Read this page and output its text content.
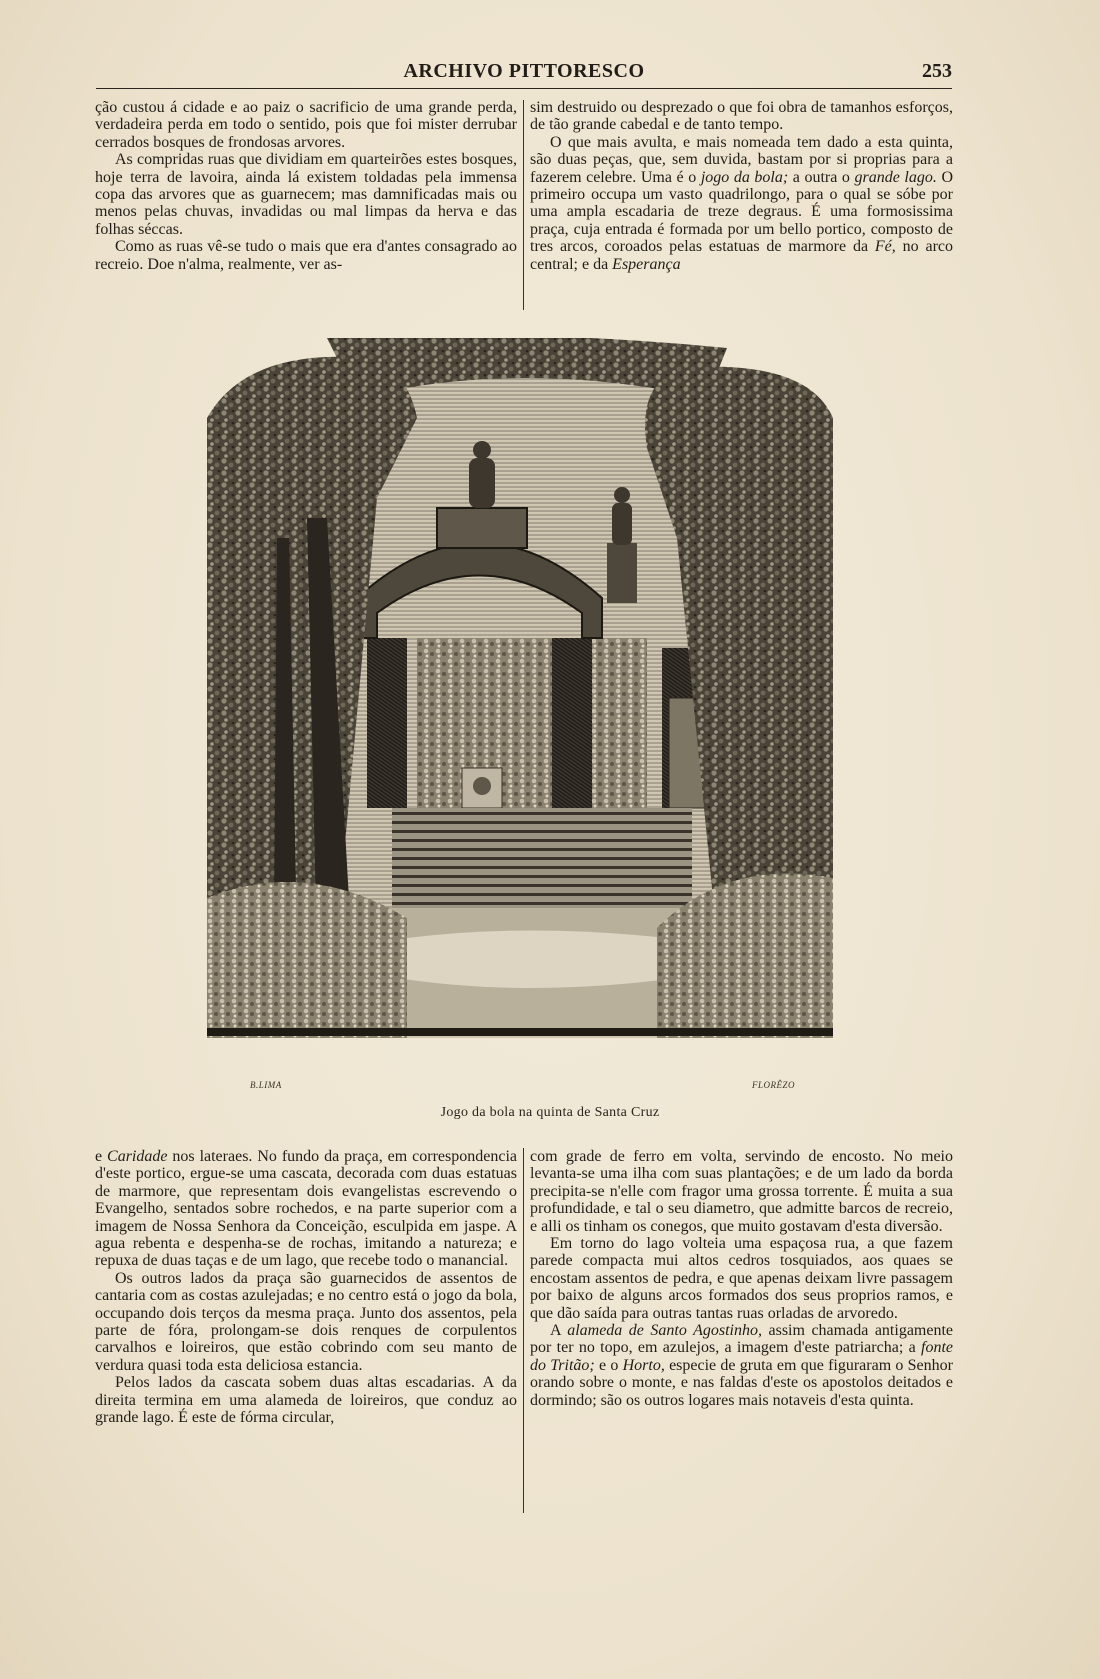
ARCHIVO PITTORESCO	253

ção custou á cidade e ao paiz o sacrificio de uma grande perda, verdadeira perda em todo o sentido, pois que foi mister derrubar cerrados bosques de frondosas arvores.

As compridas ruas que dividiam em quarteirões estes bosques, hoje terra de lavoira, ainda lá existem toldadas pela immensa copa das arvores que as guarnecem; mas damnificadas mais ou menos pelas chuvas, invadidas ou mal limpas da herva e das folhas séccas.

Como as ruas vê-se tudo o mais que era d'antes consagrado ao recreio. Doe n'alma, realmente, ver as-

sim destruido ou desprezado o que foi obra de tamanhos esforços, de tão grande cabedal e de tanto tempo.

O que mais avulta, e mais nomeada tem dado a esta quinta, são duas peças, que, sem duvida, bastam por si proprias para a fazerem celebre. Uma é o jogo da bola; a outra o grande lago. O primeiro occupa um vasto quadrilongo, para o qual se sóbe por uma ampla escadaria de treze degraus. É uma formosissima praça, cuja entrada é formada por um bello portico, composto de tres arcos, coroados pelas estatuas de marmore da Fé, no arco central; e da Esperança

B.LIMA	FLORÊZO
Jogo da bola na quinta de Santa Cruz

e Caridade nos lateraes. No fundo da praça, em correspondencia d'este portico, ergue-se uma cascata, decorada com duas estatuas de marmore, que representam dois evangelistas escrevendo o Evangelho, sentados sobre rochedos, e na parte superior com a imagem de Nossa Senhora da Conceição, esculpida em jaspe. A agua rebenta e despenha-se de rochas, imitando a natureza; e repuxa de duas taças e de um lago, que recebe todo o manancial.

Os outros lados da praça são guarnecidos de assentos de cantaria com as costas azulejadas; e no centro está o jogo da bola, occupando dois terços da mesma praça. Junto dos assentos, pela parte de fóra, prolongam-se dois renques de corpulentos carvalhos e loireiros, que estão cobrindo com seu manto de verdura quasi toda esta deliciosa estancia.

Pelos lados da cascata sobem duas altas escadarias. A da direita termina em uma alameda de loireiros, que conduz ao grande lago. É este de fórma circular,

com grade de ferro em volta, servindo de encosto. No meio levanta-se uma ilha com suas plantações; e de um lado da borda precipita-se n'elle com fragor uma grossa torrente. É muita a sua profundidade, e tal o seu diametro, que admitte barcos de recreio, e alli os tinham os conegos, que muito gostavam d'esta diversão.

Em torno do lago volteia uma espaçosa rua, a que fazem parede compacta mui altos cedros tosquiados, aos quaes se encostam assentos de pedra, e que apenas deixam livre passagem por baixo de alguns arcos formados dos seus proprios ramos, e que dão saída para outras tantas ruas orladas de arvoredo.

A alameda de Santo Agostinho, assim chamada antigamente por ter no topo, em azulejos, a imagem d'este patriarcha; a fonte do Tritão; e o Horto, especie de gruta em que figuraram o Senhor orando sobre o monte, e nas faldas d'este os apostolos deitados e dormindo; são os outros logares mais notaveis d'esta quinta.
